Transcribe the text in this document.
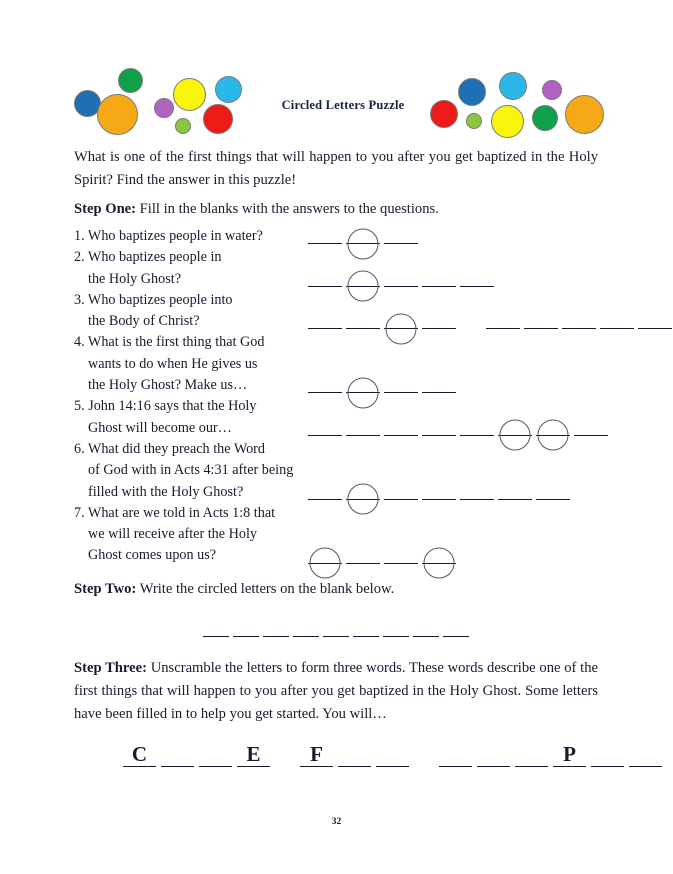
Circled Letters Puzzle
What is one of the first things that will happen to you after you get baptized in the Holy Spirit? Find the answer in this puzzle!
Step One: Fill in the blanks with the answers to the questions.
1. Who baptizes people in water?
2. Who baptizes people in
the Holy Ghost?
3. Who baptizes people into
the Body of Christ?
4. What is the first thing that God
wants to do when He gives us
the Holy Ghost? Make us…
5. John 14:16 says that the Holy
Ghost will become our…
6. What did they preach the Word
of God with in Acts 4:31 after being
filled with the Holy Ghost?
7. What are we told in Acts 1:8 that
we will receive after the Holy
Ghost comes upon us?
Step Two: Write the circled letters on the blank below.
Step Three: Unscramble the letters to form three words. These words describe one of the first things that will happen to you after you get baptized in the Holy Ghost. Some letters have been filled in to help you get started. You will…
C	E	F	P
32
